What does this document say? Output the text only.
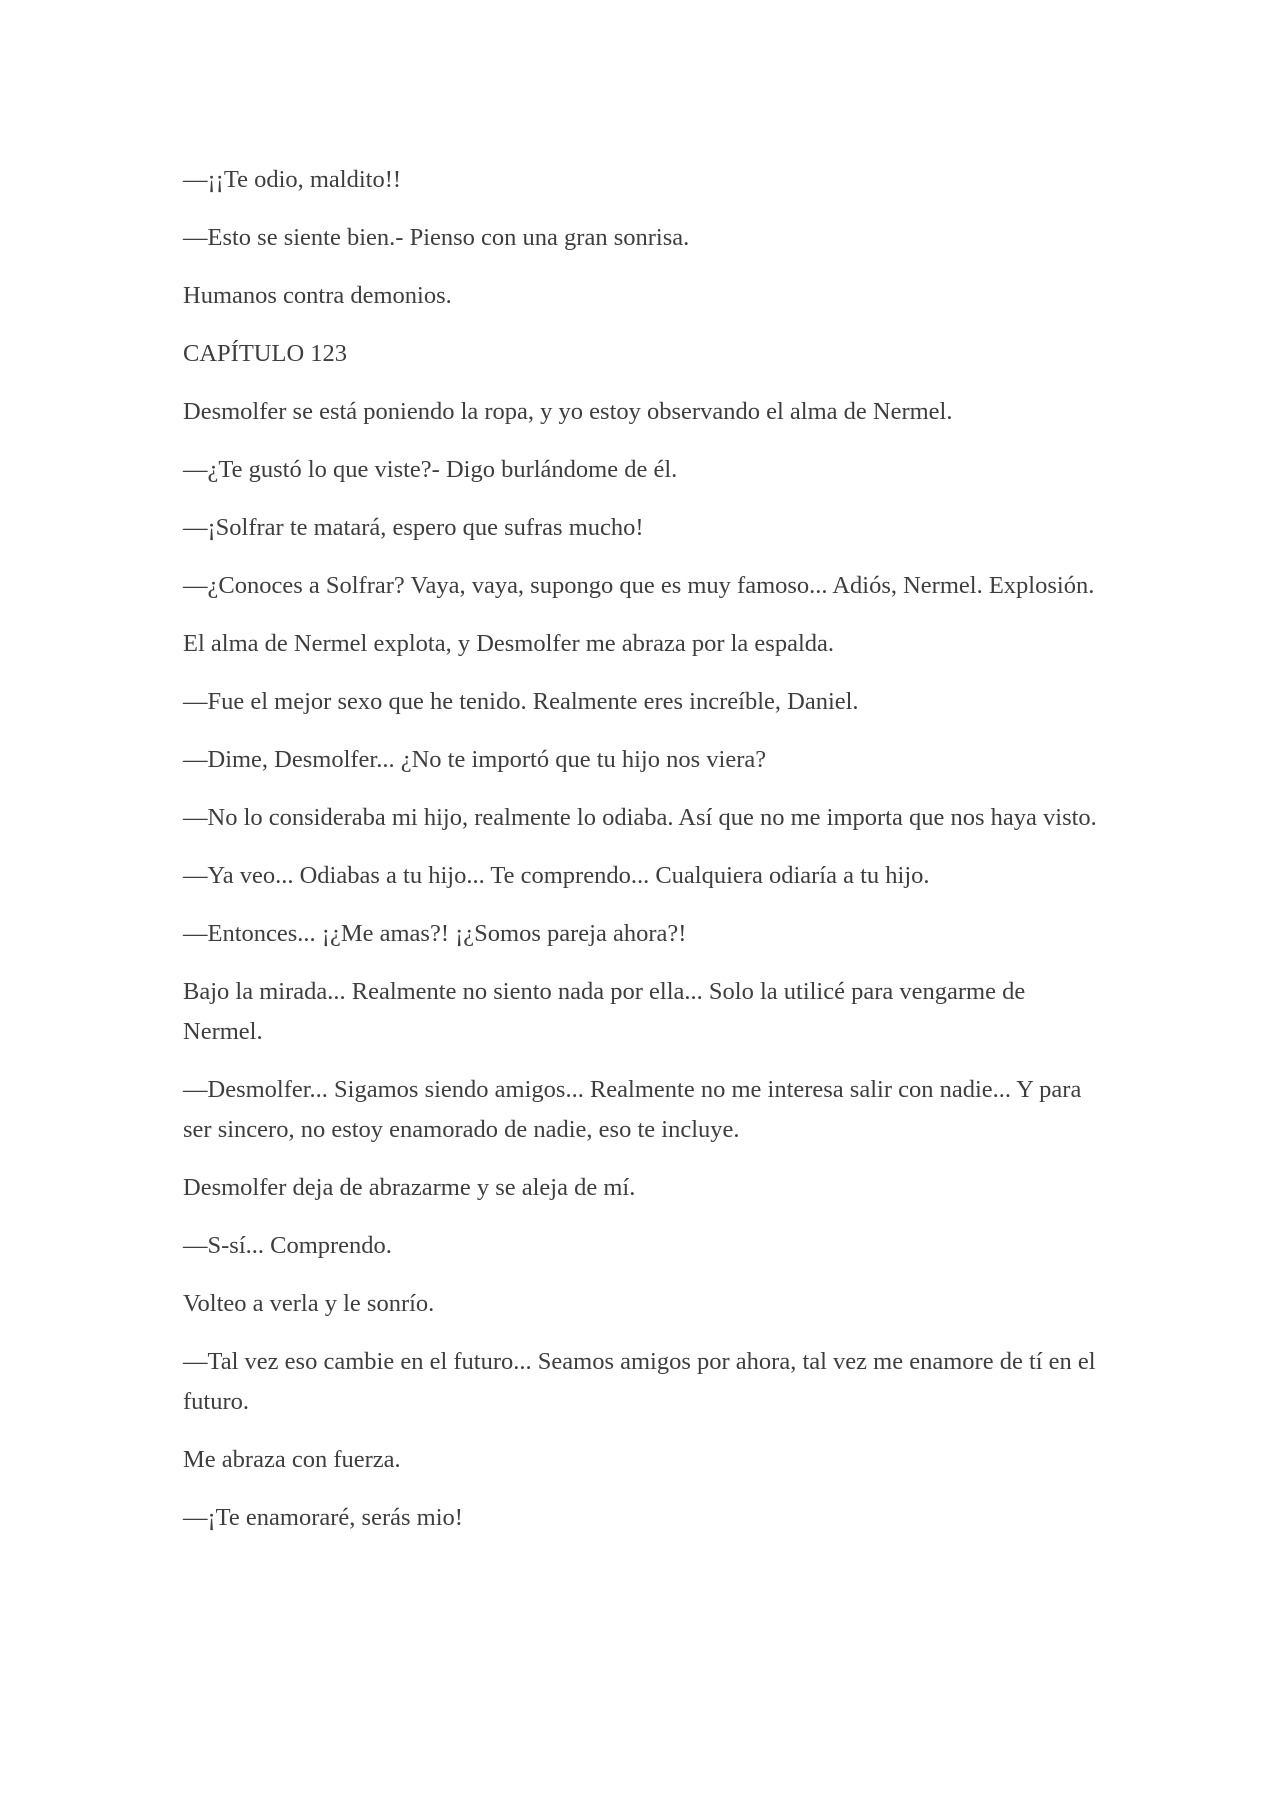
—¡¡Te odio, maldito!!

—Esto se siente bien.- Pienso con una gran sonrisa.

Humanos contra demonios.

CAPÍTULO 123

Desmolfer se está poniendo la ropa, y yo estoy observando el alma de Nermel.

—¿Te gustó lo que viste?- Digo burlándome de él.

—¡Solfrar te matará, espero que sufras mucho!

—¿Conoces a Solfrar? Vaya, vaya, supongo que es muy famoso... Adiós, Nermel. Explosión.

El alma de Nermel explota, y Desmolfer me abraza por la espalda.

—Fue el mejor sexo que he tenido. Realmente eres increíble, Daniel.

—Dime, Desmolfer... ¿No te importó que tu hijo nos viera?

—No lo consideraba mi hijo, realmente lo odiaba. Así que no me importa que nos haya visto.

—Ya veo... Odiabas a tu hijo... Te comprendo... Cualquiera odiaría a tu hijo.

—Entonces... ¡¿Me amas?! ¡¿Somos pareja ahora?!

Bajo la mirada... Realmente no siento nada por ella... Solo la utilicé para vengarme de Nermel.

—Desmolfer... Sigamos siendo amigos... Realmente no me interesa salir con nadie... Y para ser sincero, no estoy enamorado de nadie, eso te incluye.

Desmolfer deja de abrazarme y se aleja de mí.

—S-sí... Comprendo.

Volteo a verla y le sonrío.

—Tal vez eso cambie en el futuro... Seamos amigos por ahora, tal vez me enamore de tí en el futuro.

Me abraza con fuerza.

—¡Te enamoraré, serás mio!
